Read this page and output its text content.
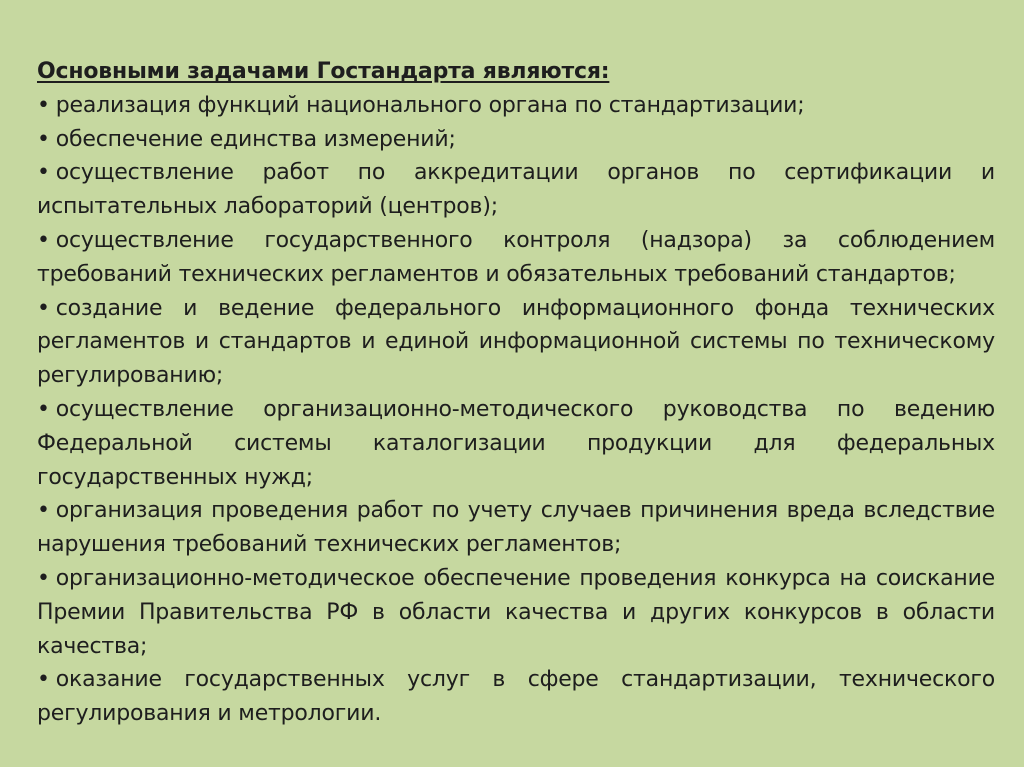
Основными задачами Гостандарта являются:
• реализация функций национального органа по стандартизации;
• обеспечение единства измерений;
• осуществление работ по аккредитации органов по сертификации и испытательных лабораторий (центров);
• осуществление государственного контроля (надзора) за соблюдением требований технических регламентов и обязательных требований стандартов;
• создание и ведение федерального информационного фонда технических регламентов и стандартов и единой информационной системы по техническому регулированию;
• осуществление организационно-методического руководства по ведению Федеральной системы каталогизации продукции для федеральных государственных нужд;
• организация проведения работ по учету случаев причинения вреда вследствие нарушения требований технических регламентов;
• организационно-методическое обеспечение проведения конкурса на соискание Премии Правительства РФ в области качества и других конкурсов в области качества;
• оказание государственных услуг в сфере стандартизации, технического регулирования и метрологии.
